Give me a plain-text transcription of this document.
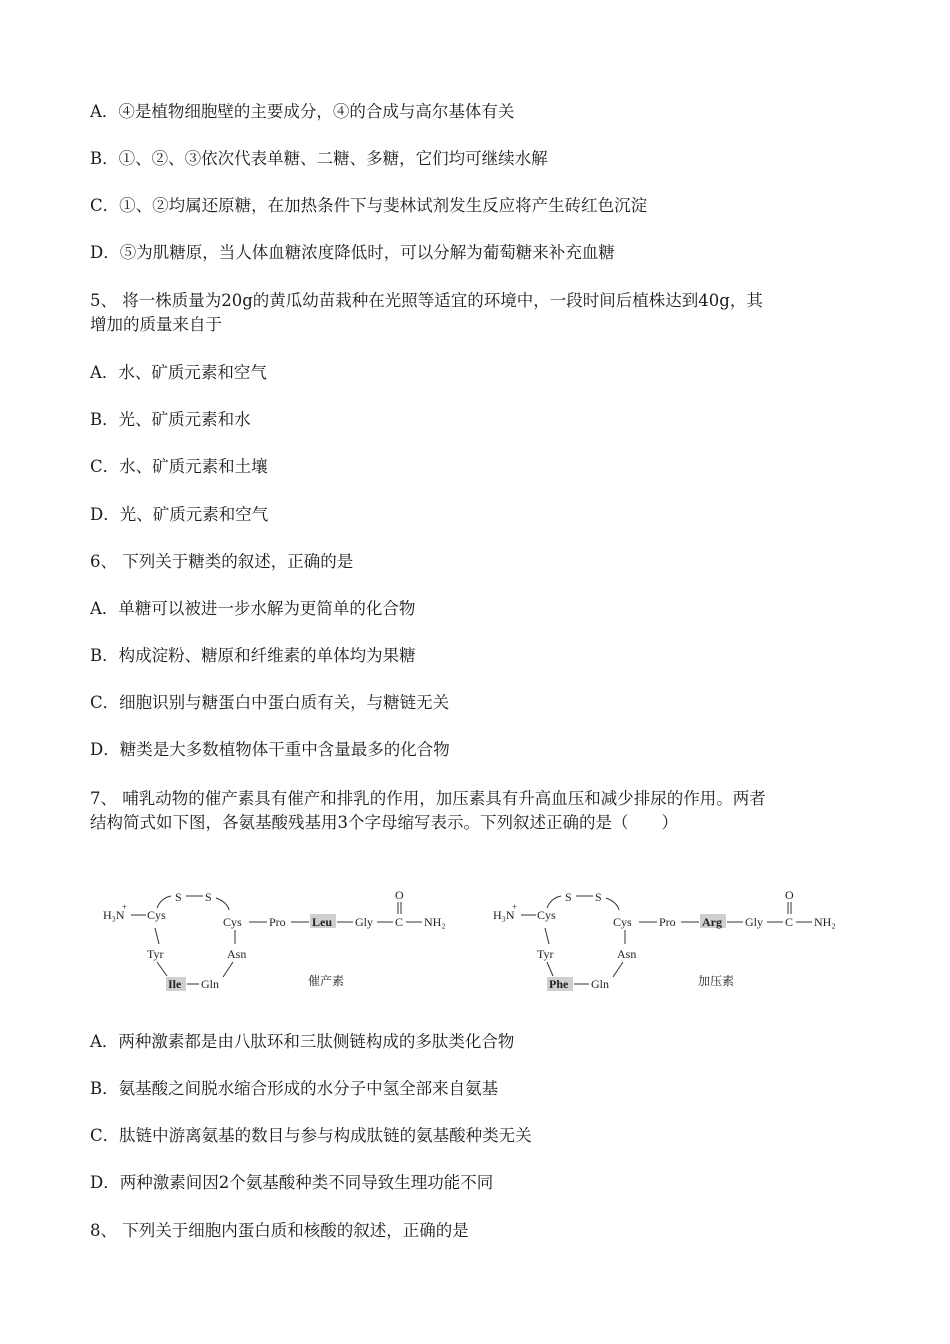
A．④是植物细胞壁的主要成分，④的合成与高尔基体有关
B．①、②、③依次代表单糖、二糖、多糖，它们均可继续水解
C．①、②均属还原糖，在加热条件下与斐林试剂发生反应将产生砖红色沉淀
D．⑤为肌糖原，当人体血糖浓度降低时，可以分解为葡萄糖来补充血糖
5、 将一株质量为20g的黄瓜幼苗栽种在光照等适宜的环境中，一段时间后植株达到40g，其
增加的质量来自于
A．水、矿质元素和空气
B．光、矿质元素和水
C．水、矿质元素和土壤
D．光、矿质元素和空气
6、 下列关于糖类的叙述，正确的是
A．单糖可以被进一步水解为更简单的化合物
B．构成淀粉、糖原和纤维素的单体均为果糖
C．细胞识别与糖蛋白中蛋白质有关，与糖链无关
D．糖类是大多数植物体干重中含量最多的化合物
7、 哺乳动物的催产素具有催产和排乳的作用，加压素具有升高血压和减少排尿的作用。两者
结构简式如下图，各氨基酸残基用3个字母缩写表示。下列叙述正确的是（　　）
H₃N
+
Cys
S S
Cys Pro Leu Gly C
O
NH₂
Tyr	Asn
Ile Gln	催产素
H₃N
+
Cys
S S
Cys Pro Arg Gly C
O
NH₂
Tyr	Asn
Phe Gln	加压素
A．两种激素都是由八肽环和三肽侧链构成的多肽类化合物
B．氨基酸之间脱水缩合形成的水分子中氢全部来自氨基
C．肽链中游离氨基的数目与参与构成肽链的氨基酸种类无关
D．两种激素间因2个氨基酸种类不同导致生理功能不同
8、 下列关于细胞内蛋白质和核酸的叙述，正确的是
